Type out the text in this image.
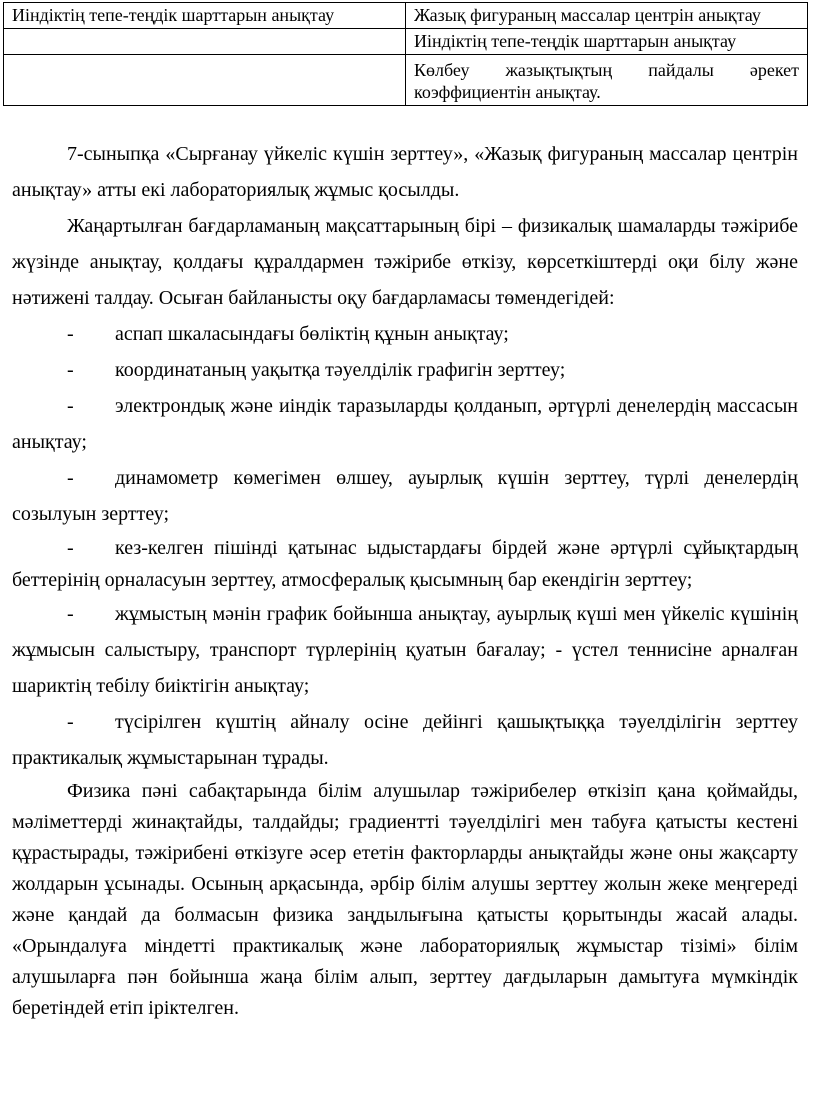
Иіндіктің тепе-теңдік шарттарын анықтау	Жазық фигураның массалар центрін анықтау
	Иіндіктің тепе-теңдік шарттарын анықтау

	Көлбеу жазықтықтың пайдалы әрекет
коэффициентін анықтау.

7-сыныпқа «Сырғанау үйкеліс күшін зерттеу», «Жазық фигураның массалар центрін анықтау» атты екі лабораториялық жұмыс қосылды.

Жаңартылған бағдарламаның мақсаттарының бірі – физикалық шамаларды тәжірибе жүзінде анықтау, қолдағы құралдармен тәжірибе өткізу, көрсеткіштерді оқи білу және нәтижені талдау. Осыған байланысты оқу бағдарламасы төмендегідей:

- аспап шкаласындағы бөліктің құнын анықтау;

- координатаның уақытқа тәуелділік графигін зерттеу;

- электрондық және иіндік таразыларды қолданып, әртүрлі денелердің массасын анықтау;

- динамометр көмегімен өлшеу, ауырлық күшін зерттеу, түрлі денелердің созылуын зерттеу;

- кез-келген пішінді қатынас ыдыстардағы бірдей және әртүрлі сұйықтардың беттерінің орналасуын зерттеу, атмосфералық қысымның бар екендігін зерттеу;

- жұмыстың мәнін график бойынша анықтау, ауырлық күші мен үйкеліс күшінің жұмысын салыстыру, транспорт түрлерінің қуатын бағалау; - үстел теннисіне арналған шариктің тебілу биіктігін анықтау;

- түсірілген күштің айналу осіне дейінгі қашықтыққа тәуелділігін зерттеу практикалық жұмыстарынан тұрады.

Физика пәні сабақтарында білім алушылар тәжірибелер өткізіп қана қоймайды, мәліметтерді жинақтайды, талдайды; градиентті тәуелділігі мен табуға қатысты кестені құрастырады, тәжірибені өткізуге әсер ететін факторларды анықтайды және оны жақсарту жолдарын ұсынады. Осының арқасында, әрбір білім алушы зерттеу жолын жеке меңгереді және қандай да болмасын физика заңдылығына қатысты қорытынды жасай алады. «Орындалуға міндетті практикалық және лабораториялық жұмыстар тізімі» білім алушыларға пән бойынша жаңа білім алып, зерттеу дағдыларын дамытуға мүмкіндік беретіндей етіп іріктелген.
